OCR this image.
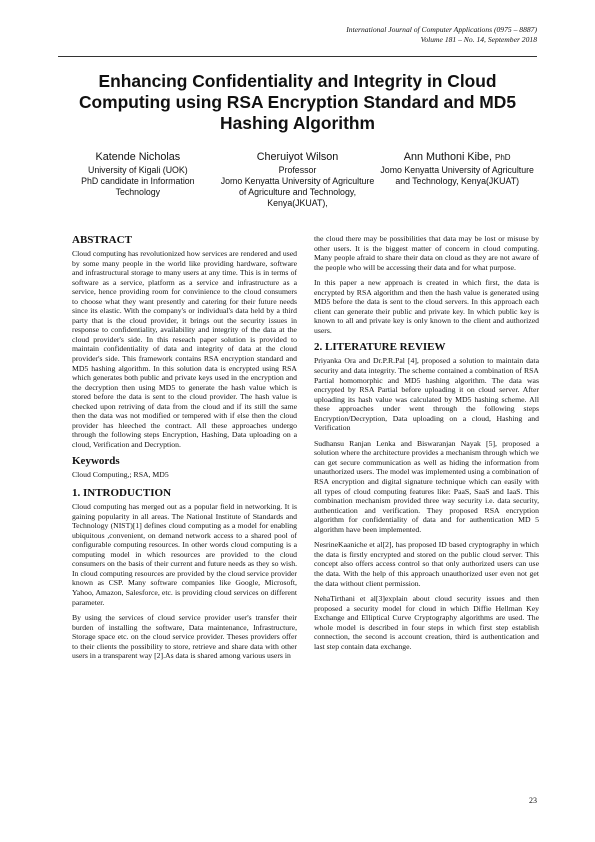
International Journal of Computer Applications (0975 – 8887)
Volume 181 – No. 14, September 2018
Enhancing Confidentiality and Integrity in Cloud Computing using RSA Encryption Standard and MD5 Hashing Algorithm
Katende Nicholas
University of Kigali (UOK)
PhD candidate in Information Technology
Cheruiyot Wilson
Professor
Jomo Kenyatta University of Agriculture of Agriculture and Technology, Kenya(JKUAT),
Ann Muthoni Kibe, PhD
Jomo Kenyatta University of Agriculture and Technology, Kenya(JKUAT)
ABSTRACT

Cloud computing has revolutionized how services are rendered and used by some many people in the world like providing hardware, software and infrastructural storage to many users at any time. This is in terms of software as a service, platform as a service and infrastructure as a service, hence providing room for convinience to the cloud consumers to choose what they want presently and catering for their future needs since its elastic. With the company's or individual's data held by a third party that is the cloud provider, it brings out the security issues in response to confidentiality, availability and integrity of the data at the cloud provider's side. In this reseach paper solution is provided to maintain confidentiality of data and integrity of data at the cloud provider's side. This framework contains RSA encryption standard and MD5 hashing algorithm. In this solution data is encrypted using RSA which generates both public and private keys used in the encryption and the decryption then using MD5 to generate the hash value which is stored before the data is sent to the cloud provider. The hash value is checked upon retriving of data from the cloud and if its still the same then the data was not modified or tempered with if else then the cloud provider has hleeched the contract. All these approaches undergo through the following steps Encryption, Hashing, Data uploading on a cloud, Verification and Decryption.

Keywords

Cloud Computing,; RSA, MD5

1. INTRODUCTION

Cloud computing has merged out as a popular field in networking. It is gaining popularity in all areas. The National Institute of Standards and Technology (NIST)[1] defines cloud computing as a model for enabling ubiquitous ,convenient, on demand network access to a shared pool of configurable computing resources. In other words cloud computing is a computing model in which resources are provided to the cloud consumers on the basis of their current and future needs as they so wish. In cloud computing resources are provided by the cloud service provider known as CSP. Many software companies like Google, Microsoft, Yahoo, Amazon, Salesforce, etc. is providing cloud services on different parameter.

By using the services of cloud service provider user's transfer their burden of installing the software, Data maintenance, Infrastructure, Storage space etc. on the cloud service provider. Theses providers offer to their clients the possibility to store, retrieve and share data with other users in a transparent way [2].As data is shared among various users in

the cloud there may be possibilities that data may be lost or misuse by other users. It is the biggest matter of concern in cloud computing. Many people afraid to share their data on cloud as they are not aware of the people who will be accessing their data and for what purpose.

In this paper a new approach is created in which first, the data is encrypted by RSA algorithm and then the hash value is generated using MD5 before the data is sent to the cloud servers. In this approach each client can generate their public and private key. In which public key is known to all and private key is only known to the client and authorized users.

2. LITERATURE REVIEW

Priyanka Ora and Dr.P.R.Pal [4], proposed a solution to maintain data security and data integrity. The scheme contained a combination of RSA Partial homomorphic and MD5 hashing algorithm. The data was encrypted by RSA Partial before uploading it on cloud server. After uploading its hash value was calculated by MD5 hashing scheme. All these approaches under went through the following steps Encryption/Decryption, Data uploading on a cloud, Hashing and Verification

Sudhansu Ranjan Lenka and Biswaranjan Nayak [5], proposed a solution where the architecture provides a mechanism through which we can get secure communication as well as hiding the information from unauthorized users. The model was implemented using a combination of RSA encryption and digital signature technique which can easily with all types of cloud computing features like: PaaS, SaaS and IaaS. This combination mechanism provided three way security i.e. data security, authentication and verification. They proposed RSA encryption algorithm for confidentiality of data and for authentication MD 5 algorithm have been implemented.

NesrineKaaniche et al[2], has proposed ID based cryptography in which the data is firstly encrypted and stored on the public cloud server. This concept also offers access control so that only authorized users can use the data. With the help of this approach unauthorized user even not get the data without client permission.

NehaTirthani et al[3]explain about cloud security issues and then proposed a security model for cloud in which Diffie Hellman Key Exchange and Elliptical Curve Cryptography algorithms are used. The whole model is described in four steps in which first step establish connection, the second is account creation, third is authentication and last step contain data exchange.

23
